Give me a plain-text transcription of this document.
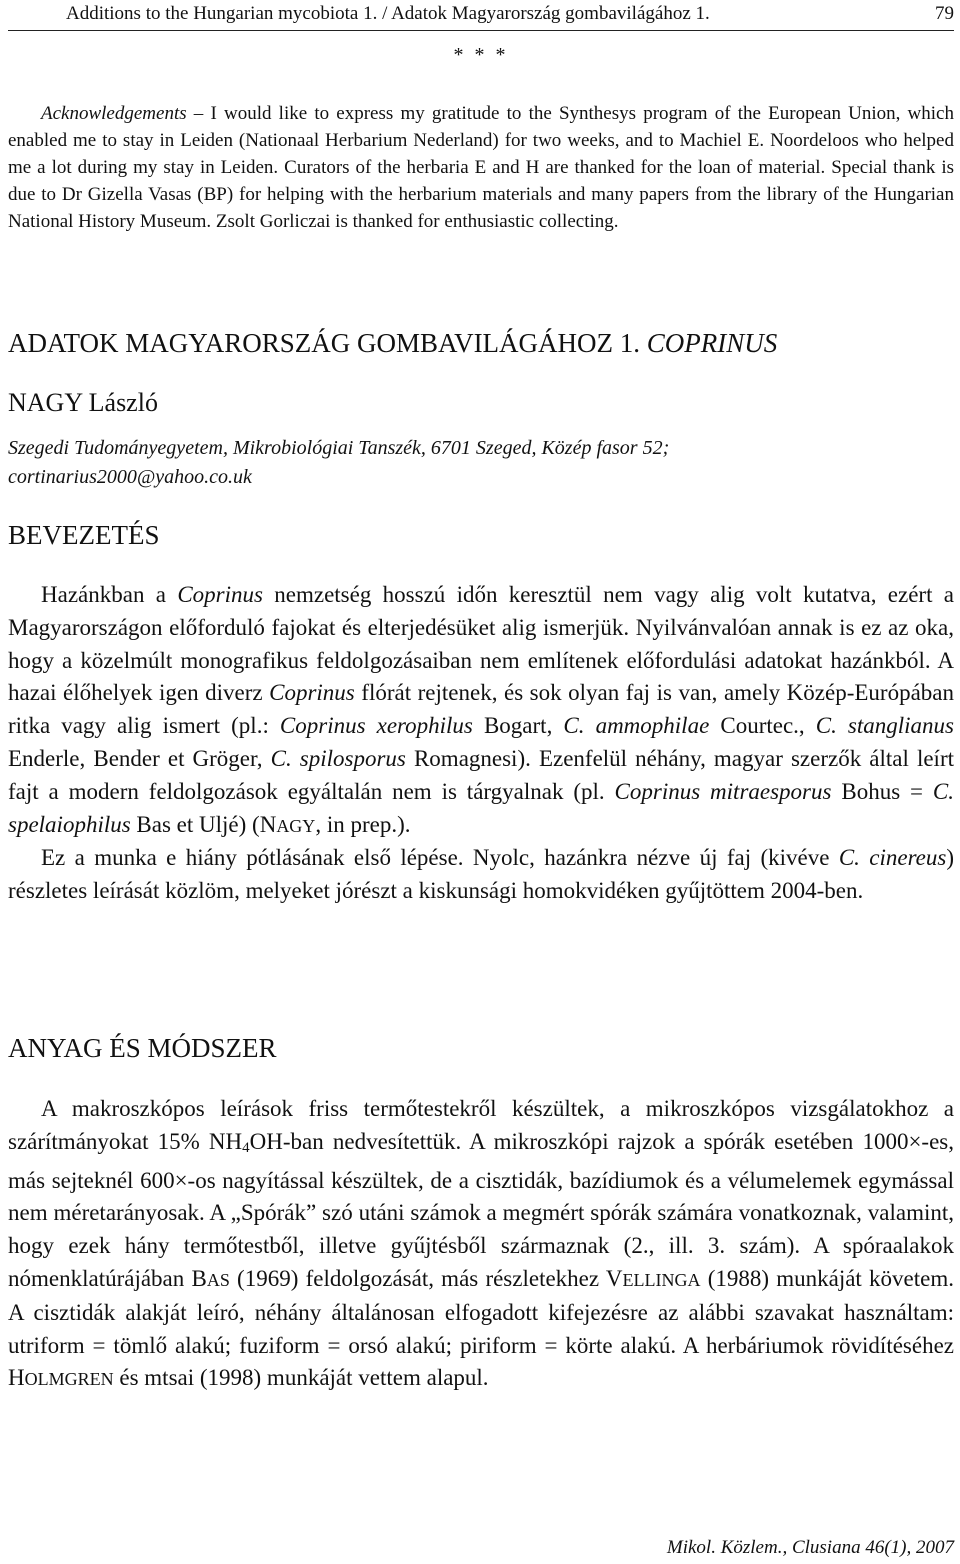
Additions to the Hungarian mycobiota 1. / Adatok Magyarország gombavilágához 1.	79
* * *

Acknowledgements – I would like to express my gratitude to the Synthesys program of the European Union, which enabled me to stay in Leiden (Nationaal Herbarium Nederland) for two weeks, and to Machiel E. Noordeloos who helped me a lot during my stay in Leiden. Curators of the herbaria E and H are thanked for the loan of material. Special thank is due to Dr Gizella Vasas (BP) for helping with the herbarium materials and many papers from the library of the Hungarian National History Museum. Zsolt Gorliczai is thanked for enthusiastic collecting.

ADATOK MAGYARORSZÁG GOMBAVILÁGÁHOZ 1. COPRINUS
NAGY László
Szegedi Tudományegyetem, Mikrobiológiai Tanszék, 6701 Szeged, Közép fasor 52;
cortinarius2000@yahoo.co.uk
BEVEZETÉS

Hazánkban a Coprinus nemzetség hosszú időn keresztül nem vagy alig volt kutatva, ezért a Magyarországon előforduló fajokat és elterjedésüket alig ismerjük. Nyilvánvalóan annak is ez az oka, hogy a közelmúlt monografikus feldolgozásaiban nem említenek előfordulási adatokat hazánkból. A hazai élőhelyek igen diverz Coprinus flórát rejtenek, és sok olyan faj is van, amely Közép-Európában ritka vagy alig ismert (pl.: Coprinus xerophilus Bogart, C. ammophilae Courtec., C. stanglianus Enderle, Bender et Gröger, C. spilosporus Romagnesi). Ezenfelül néhány, magyar szerzők által leírt fajt a modern feldolgozások egyáltalán nem is tárgyalnak (pl. Coprinus mitraesporus Bohus = C. spelaiophilus Bas et Uljé) (NAGY, in prep.).

Ez a munka e hiány pótlásának első lépése. Nyolc, hazánkra nézve új faj (kivéve C. cinereus) részletes leírását közlöm, melyeket jórészt a kiskunsági homokvidéken gyűjtöttem 2004-ben.

ANYAG ÉS MÓDSZER

A makroszkópos leírások friss termőtestekről készültek, a mikroszkópos vizsgálatokhoz a szárítmányokat 15% $NH_4OH$-ban nedvesítettük. A mikroszkópi rajzok a spórák esetében 1000×-es, más sejteknél 600×-os nagyítással készültek, de a cisztidák, bazídiumok és a vélumelemek egymással nem méretarányosak. A „Spórák” szó utáni számok a megmért spórák számára vonatkoznak, valamint, hogy ezek hány termőtestből, illetve gyűjtésből származnak (2., ill. 3. szám). A spóraalakok nómenklatúrájában BAS (1969) feldolgozását, más részletekhez VELLINGA (1988) munkáját követem. A cisztidák alakját leíró, néhány általánosan elfogadott kifejezésre az alábbi szavakat használtam: utriform = tömlő alakú; fuziform = orsó alakú; piriform = körte alakú. A herbáriumok rövidítéséhez HOLMGREN és mtsai (1998) munkáját vettem alapul.

Mikol. Közlem., Clusiana 46(1), 2007
